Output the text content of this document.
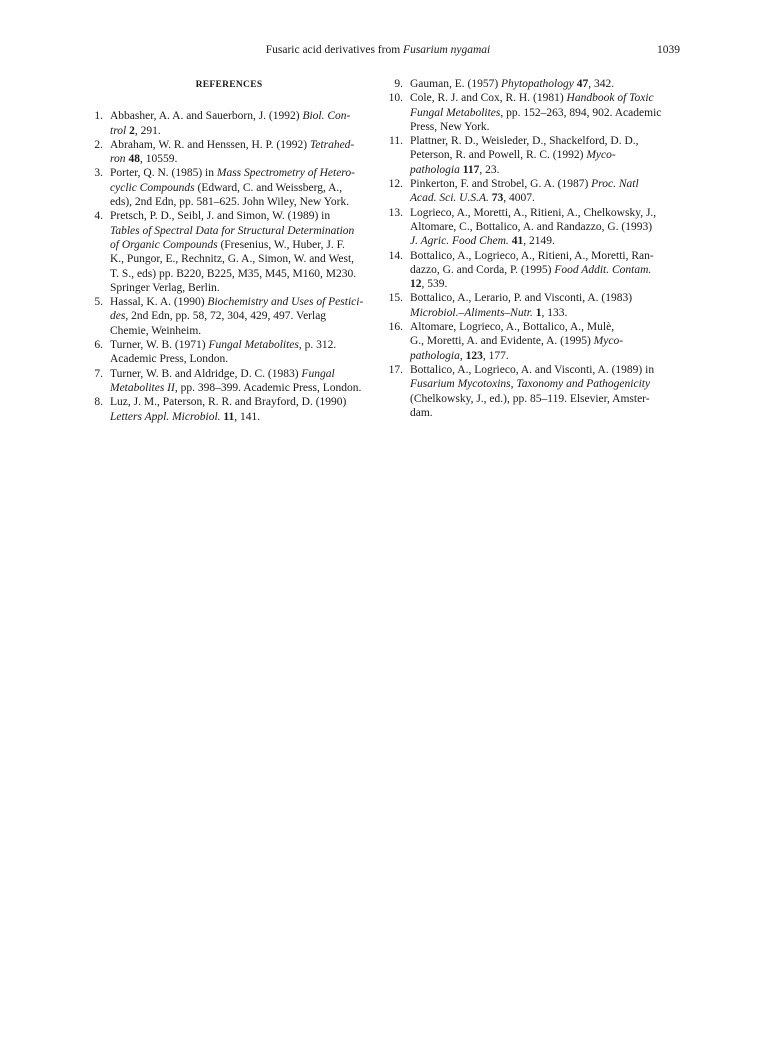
Fusaric acid derivatives from Fusarium nygamai	1039
REFERENCES
1. Abbasher, A. A. and Sauerborn, J. (1992) Biol. Con-
trol 2, 291.
2. Abraham, W. R. and Henssen, H. P. (1992) Tetrahed-
ron 48, 10559.
3. Porter, Q. N. (1985) in Mass Spectrometry of Hetero-
cyclic Compounds (Edward, C. and Weissberg, A.,
eds), 2nd Edn, pp. 581–625. John Wiley, New York.
4. Pretsch, P. D., Seibl, J. and Simon, W. (1989) in
Tables of Spectral Data for Structural Determination
of Organic Compounds (Fresenius, W., Huber, J. F.
K., Pungor, E., Rechnitz, G. A., Simon, W. and West,
T. S., eds) pp. B220, B225, M35, M45, M160, M230.
Springer Verlag, Berlin.
5. Hassal, K. A. (1990) Biochemistry and Uses of Pestici-
des, 2nd Edn, pp. 58, 72, 304, 429, 497. Verlag
Chemie, Weinheim.
6. Turner, W. B. (1971) Fungal Metabolites, p. 312.
Academic Press, London.
7. Turner, W. B. and Aldridge, D. C. (1983) Fungal
Metabolites II, pp. 398–399. Academic Press, London.
8. Luz, J. M., Paterson, R. R. and Brayford, D. (1990)
Letters Appl. Microbiol. 11, 141.
9. Gauman, E. (1957) Phytopathology 47, 342.
10. Cole, R. J. and Cox, R. H. (1981) Handbook of Toxic
Fungal Metabolites, pp. 152–263, 894, 902. Academic
Press, New York.
11. Plattner, R. D., Weisleder, D., Shackelford, D. D.,
Peterson, R. and Powell, R. C. (1992) Myco-
pathologia 117, 23.
12. Pinkerton, F. and Strobel, G. A. (1987) Proc. Natl
Acad. Sci. U.S.A. 73, 4007.
13. Logrieco, A., Moretti, A., Ritieni, A., Chelkowsky, J.,
Altomare, C., Bottalico, A. and Randazzo, G. (1993)
J. Agric. Food Chem. 41, 2149.
14. Bottalico, A., Logrieco, A., Ritieni, A., Moretti, Ran-
dazzo, G. and Corda, P. (1995) Food Addit. Contam.
12, 539.
15. Bottalico, A., Lerario, P. and Visconti, A. (1983)
Microbiol.–Aliments–Nutr. 1, 133.
16. Altomare, Logrieco, A., Bottalico, A., Mulè,
G., Moretti, A. and Evidente, A. (1995) Myco-
pathologia, 123, 177.
17. Bottalico, A., Logrieco, A. and Visconti, A. (1989) in
Fusarium Mycotoxins, Taxonomy and Pathogenicity
(Chelkowsky, J., ed.), pp. 85–119. Elsevier, Amster-
dam.
